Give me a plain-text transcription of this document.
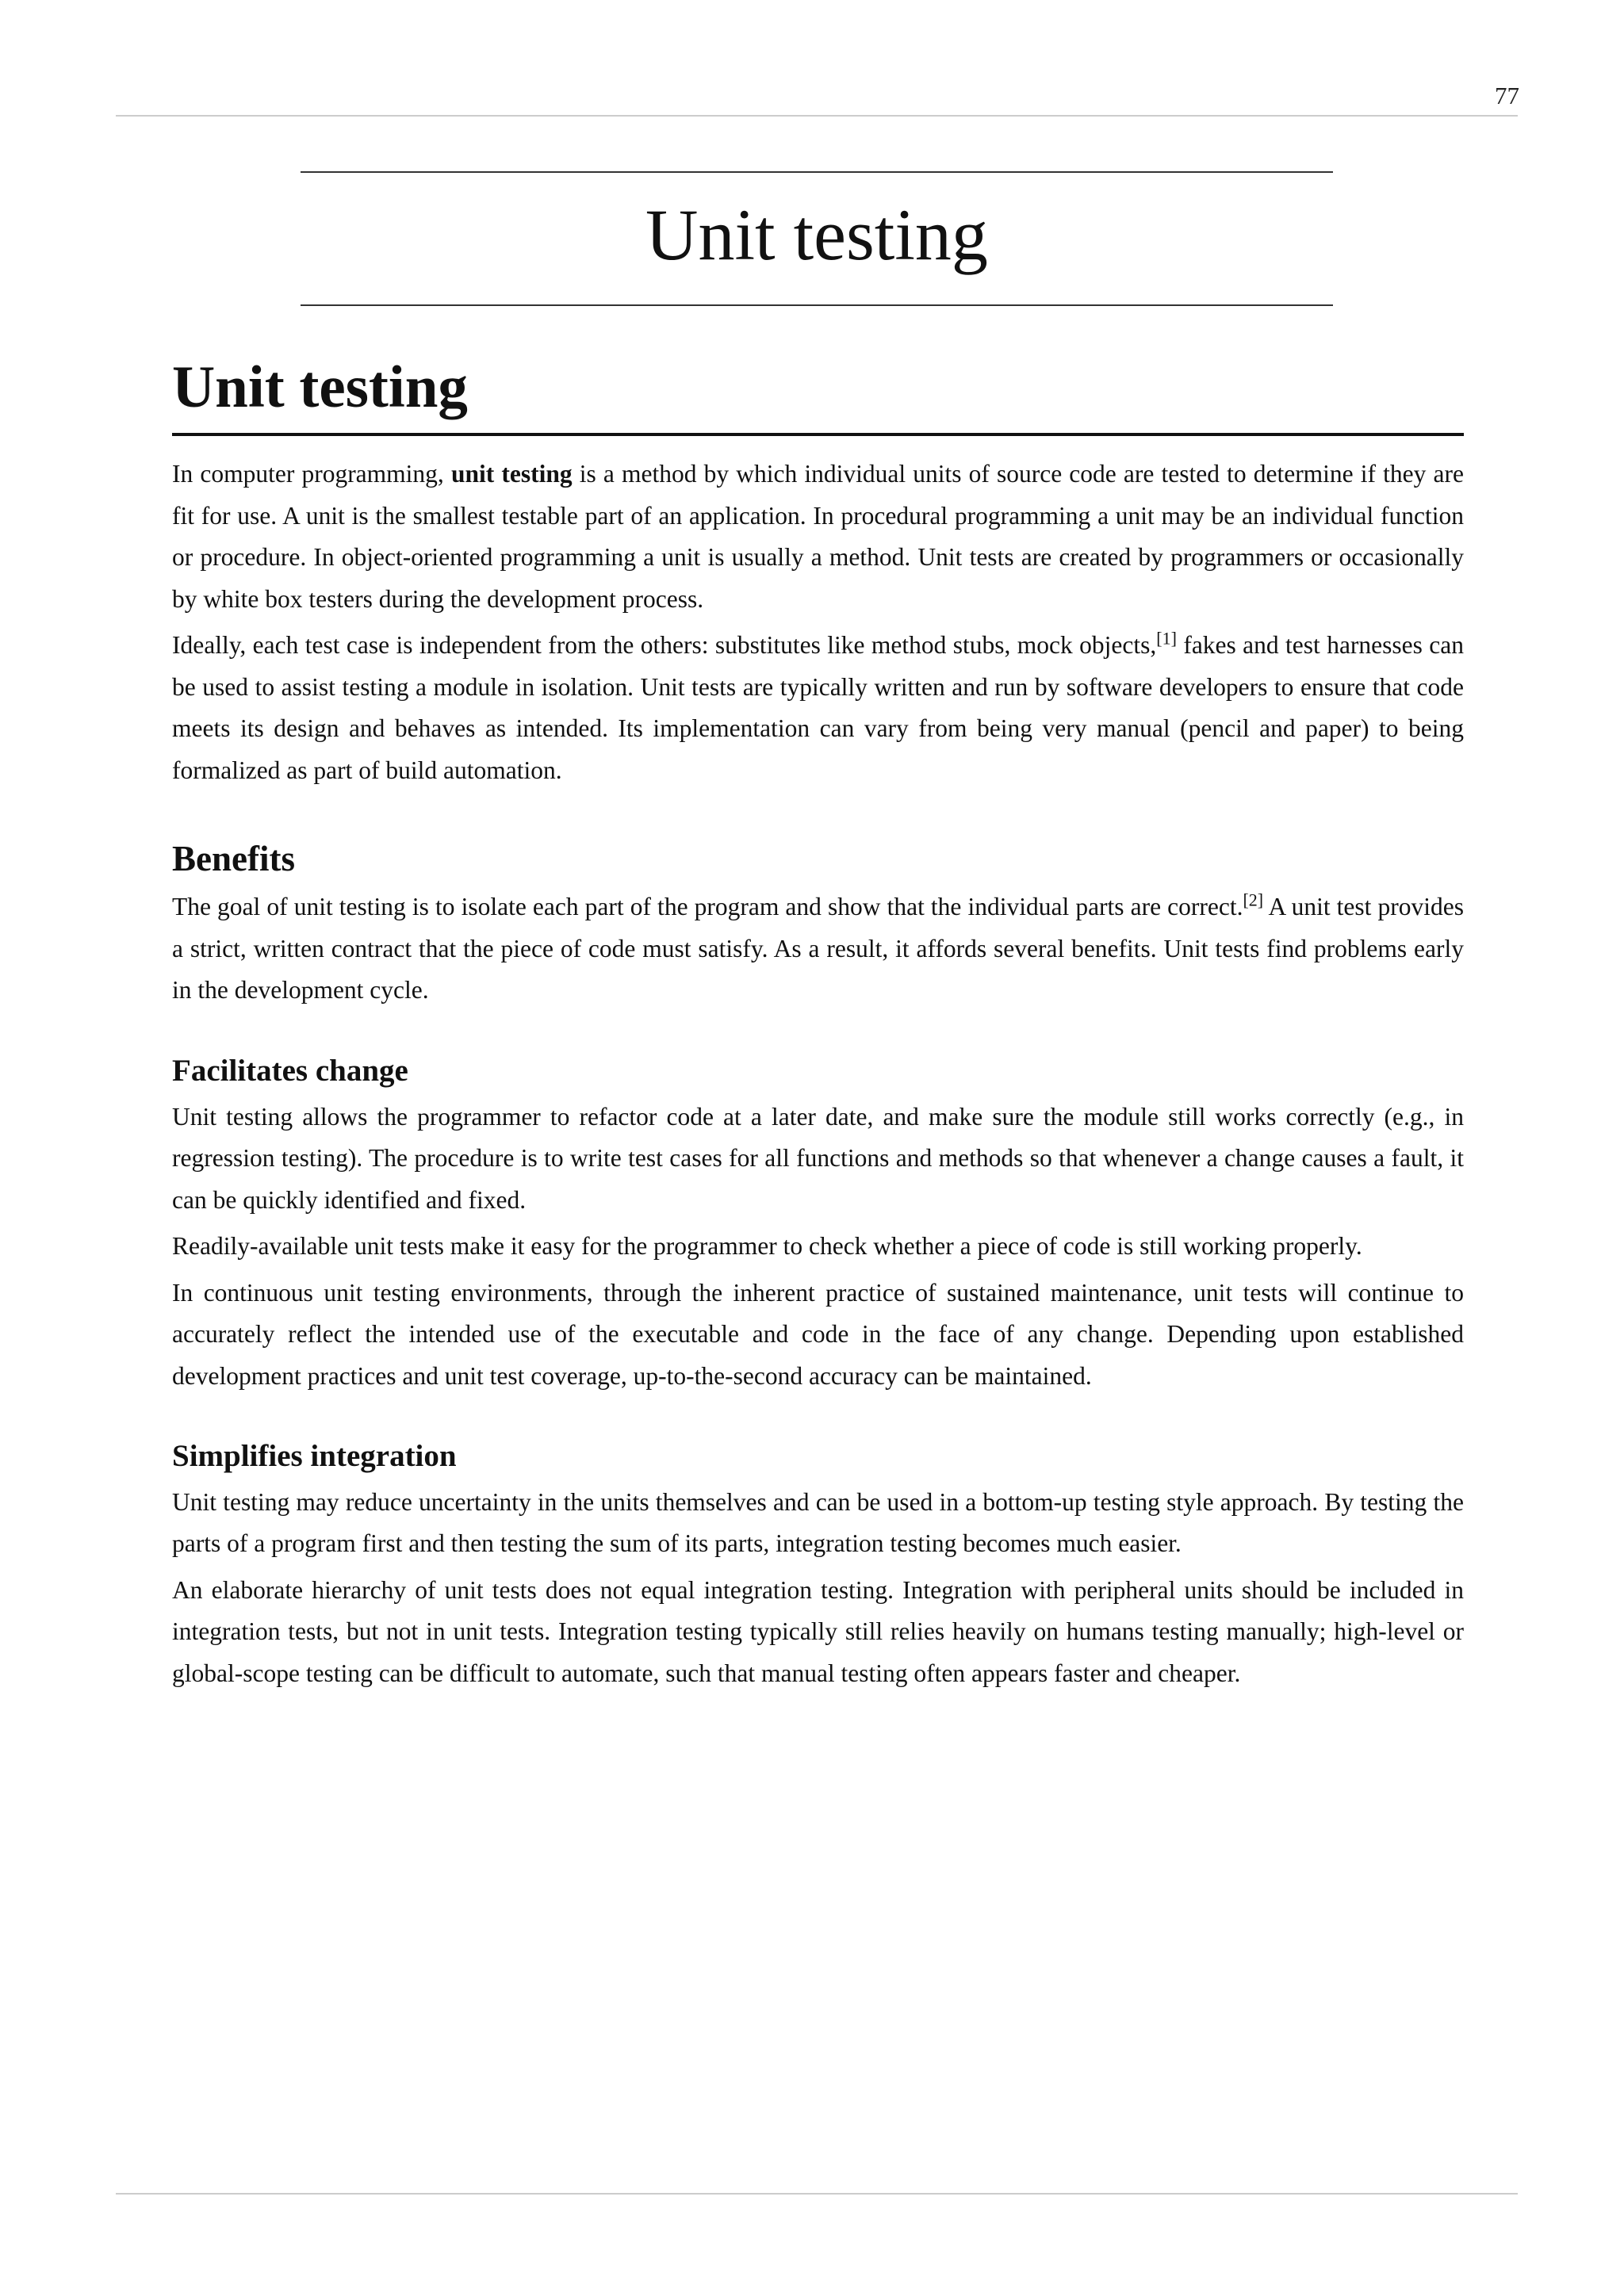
77
Unit testing
Unit testing

In computer programming, unit testing is a method by which individual units of source code are tested to determine if they are fit for use. A unit is the smallest testable part of an application. In procedural programming a unit may be an individual function or procedure. In object-oriented programming a unit is usually a method. Unit tests are created by programmers or occasionally by white box testers during the development process.

Ideally, each test case is independent from the others: substitutes like method stubs, mock objects,[1] fakes and test harnesses can be used to assist testing a module in isolation. Unit tests are typically written and run by software developers to ensure that code meets its design and behaves as intended. Its implementation can vary from being very manual (pencil and paper) to being formalized as part of build automation.

Benefits

The goal of unit testing is to isolate each part of the program and show that the individual parts are correct.[2] A unit test provides a strict, written contract that the piece of code must satisfy. As a result, it affords several benefits. Unit tests find problems early in the development cycle.

Facilitates change

Unit testing allows the programmer to refactor code at a later date, and make sure the module still works correctly (e.g., in regression testing). The procedure is to write test cases for all functions and methods so that whenever a change causes a fault, it can be quickly identified and fixed.

Readily-available unit tests make it easy for the programmer to check whether a piece of code is still working properly.

In continuous unit testing environments, through the inherent practice of sustained maintenance, unit tests will continue to accurately reflect the intended use of the executable and code in the face of any change. Depending upon established development practices and unit test coverage, up-to-the-second accuracy can be maintained.

Simplifies integration

Unit testing may reduce uncertainty in the units themselves and can be used in a bottom-up testing style approach. By testing the parts of a program first and then testing the sum of its parts, integration testing becomes much easier.

An elaborate hierarchy of unit tests does not equal integration testing. Integration with peripheral units should be included in integration tests, but not in unit tests. Integration testing typically still relies heavily on humans testing manually; high-level or global-scope testing can be difficult to automate, such that manual testing often appears faster and cheaper.
